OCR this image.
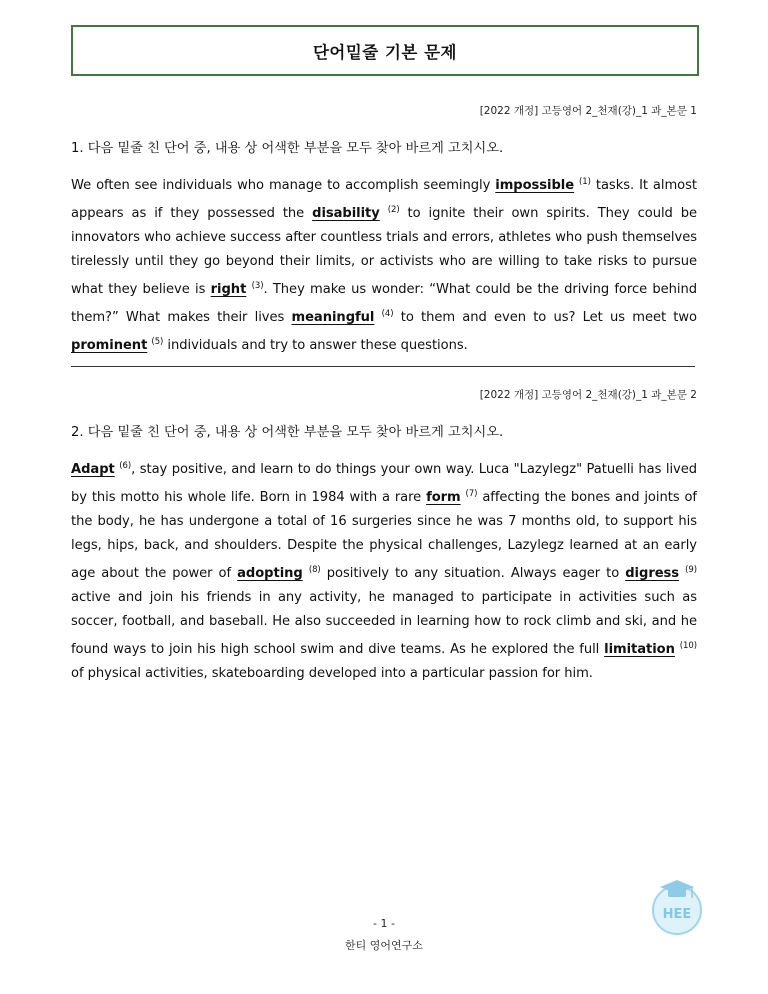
단어밑줄 기본 문제
[2022 개정] 고등영어 2_천재(강)_1 과_본문 1
1. 다음 밑줄 친 단어 중, 내용 상 어색한 부분을 모두 찾아 바르게 고치시오.
We often see individuals who manage to accomplish seemingly impossible $^{(1)}$ tasks. It almost appears as if they possessed the disability $^{(2)}$ to ignite their own spirits. They could be innovators who achieve success after countless trials and errors, athletes who push themselves tirelessly until they go beyond their limits, or activists who are willing to take risks to pursue what they believe is right $^{(3)}$. They make us wonder: “What could be the driving force behind them?” What makes their lives meaningful $^{(4)}$ to them and even to us? Let us meet two prominent $^{(5)}$ individuals and try to answer these questions.
[2022 개정] 고등영어 2_천재(강)_1 과_본문 2
2. 다음 밑줄 친 단어 중, 내용 상 어색한 부분을 모두 찾아 바르게 고치시오.
Adapt $^{(6)}$, stay positive, and learn to do things your own way. Luca "Lazylegz" Patuelli has lived by this motto his whole life. Born in 1984 with a rare form $^{(7)}$ affecting the bones and joints of the body, he has undergone a total of 16 surgeries since he was 7 months old, to support his legs, hips, back, and shoulders. Despite the physical challenges, Lazylegz learned at an early age about the power of adopting $^{(8)}$ positively to any situation. Always eager to digress $^{(9)}$ active and join his friends in any activity, he managed to participate in activities such as soccer, football, and baseball. He also succeeded in learning how to rock climb and ski, and he found ways to join his high school swim and dive teams. As he explored the full limitation $^{(10)}$ of physical activities, skateboarding developed into a particular passion for him.
- 1 -
한티 영어연구소
HEE
